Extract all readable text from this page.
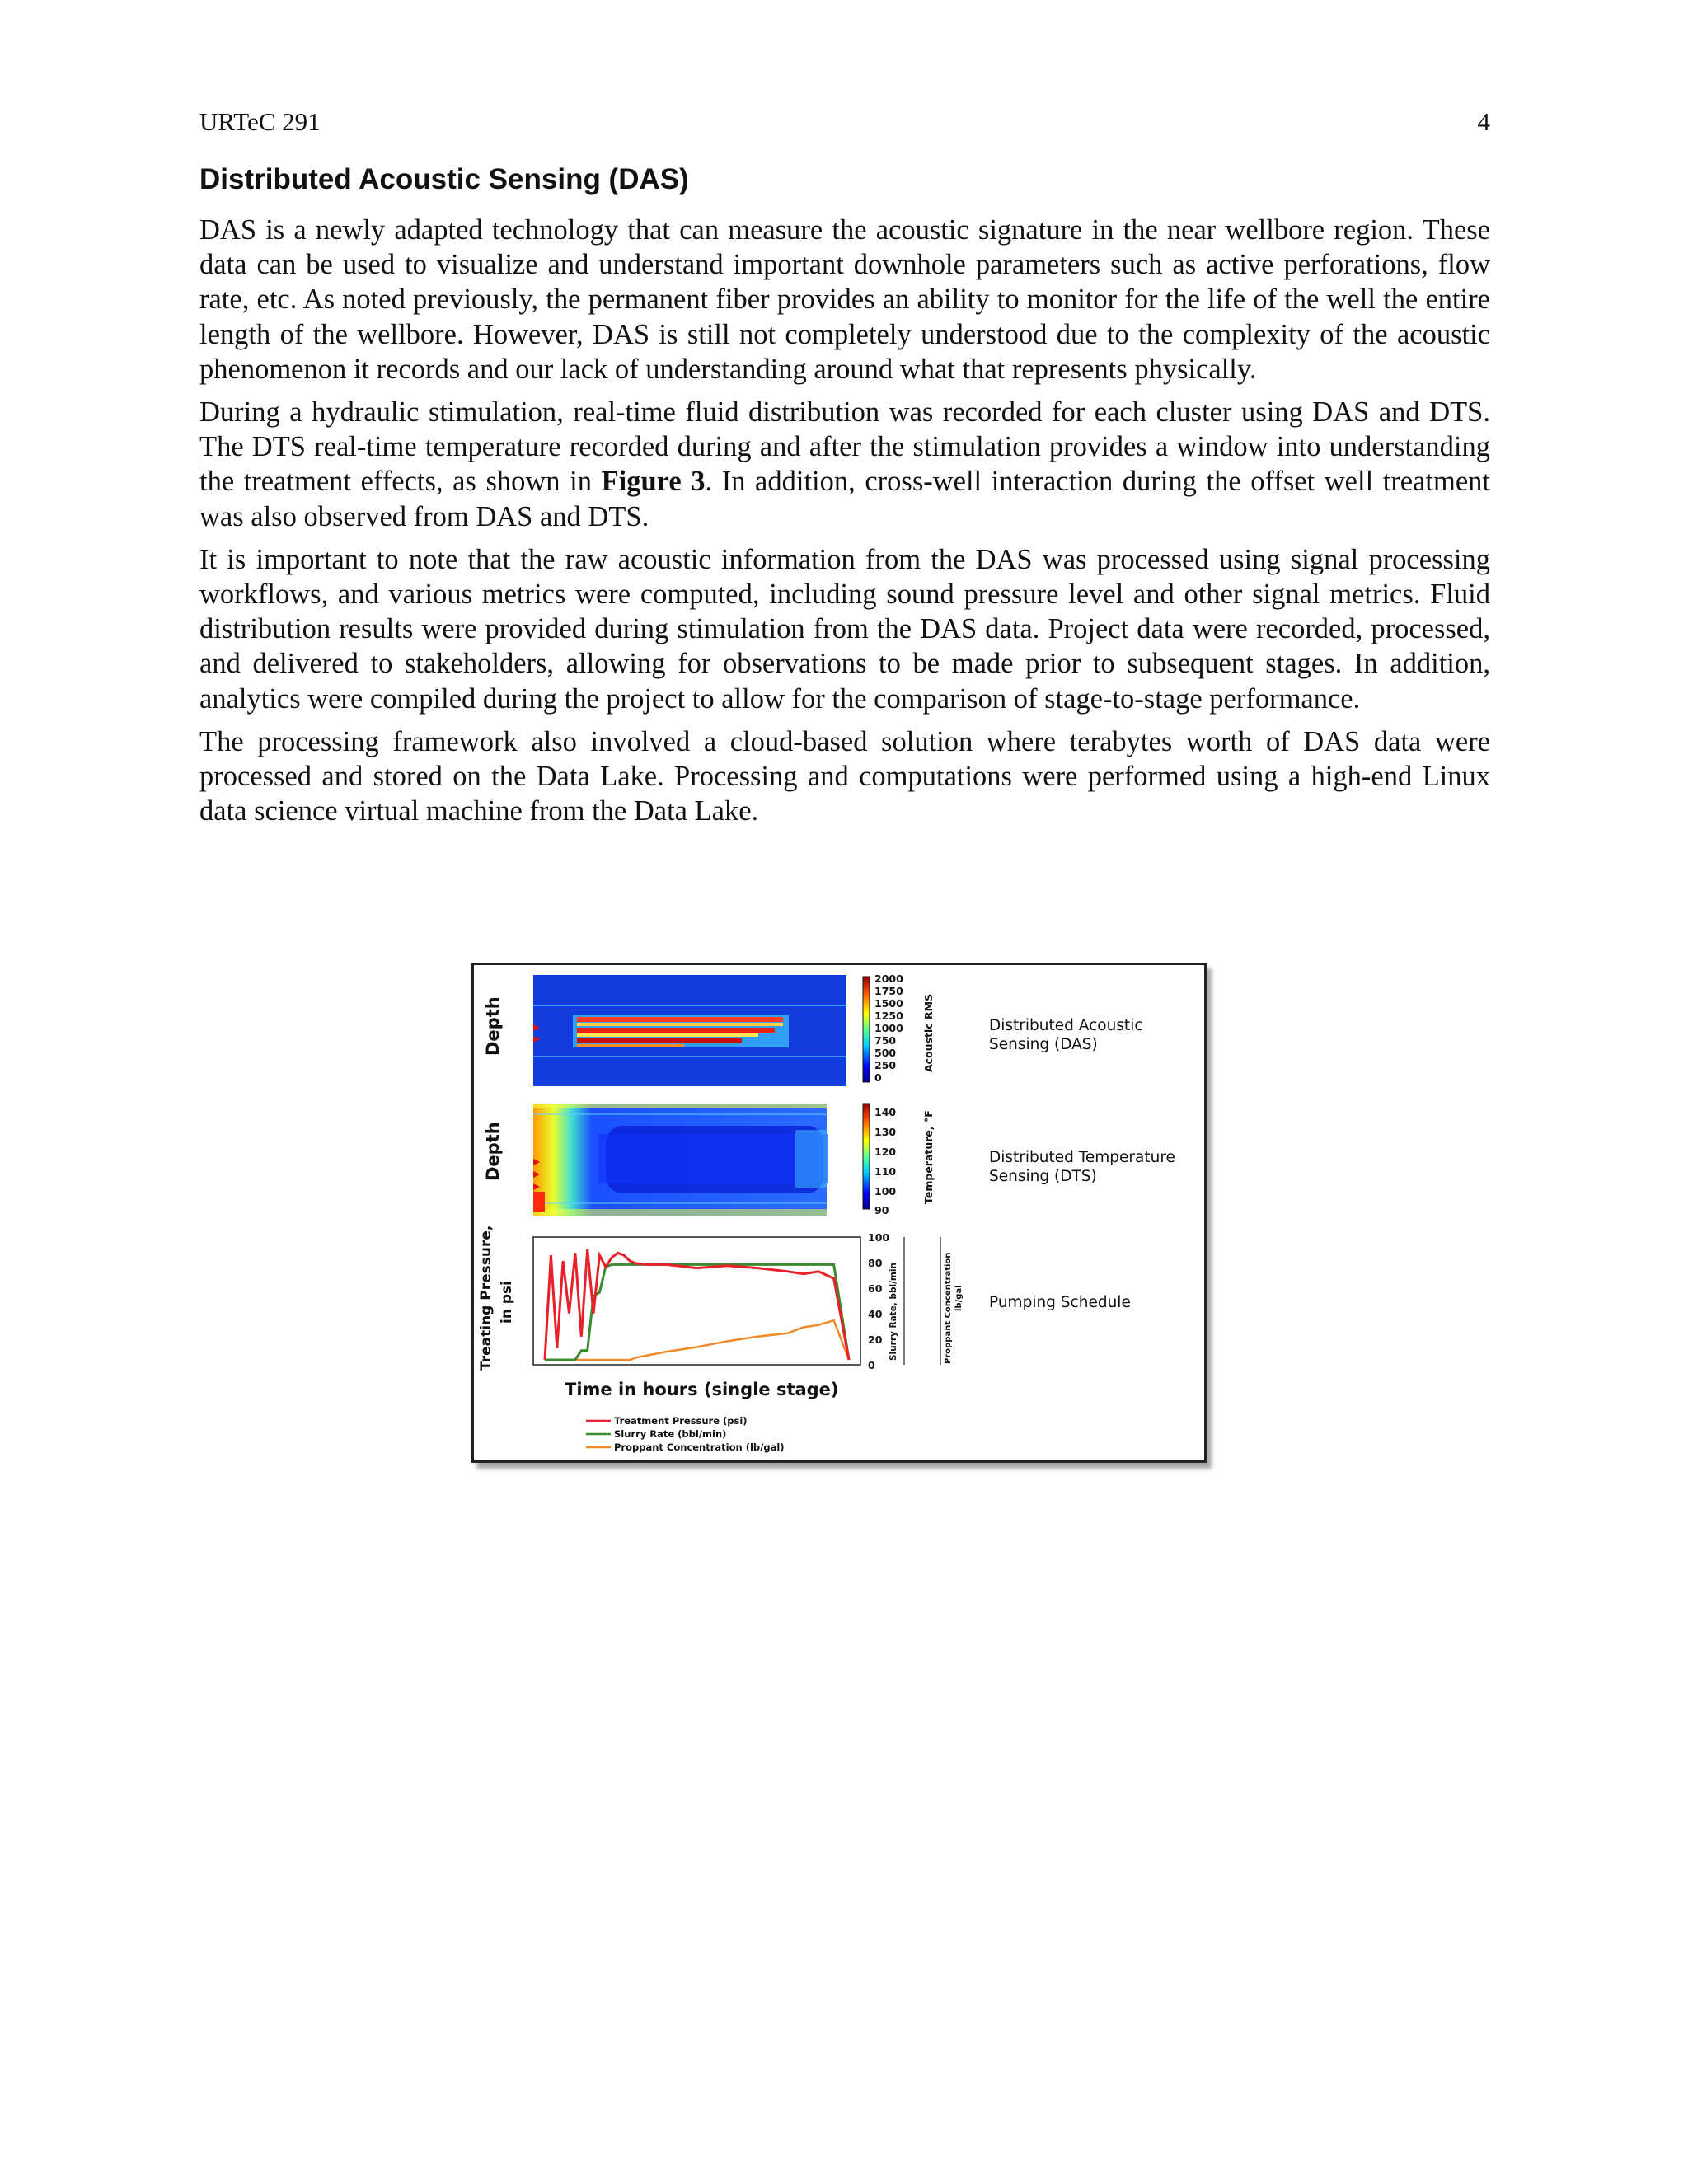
URTeC 291	4
Distributed Acoustic Sensing (DAS)

DAS is a newly adapted technology that can measure the acoustic signature in the near wellbore region. These data can be used to visualize and understand important downhole parameters such as active perforations, flow rate, etc. As noted previously, the permanent fiber provides an ability to monitor for the life of the well the entire length of the wellbore. However, DAS is still not completely understood due to the complexity of the acoustic phenomenon it records and our lack of understanding around what that represents physically.

During a hydraulic stimulation, real-time fluid distribution was recorded for each cluster using DAS and DTS. The DTS real-time temperature recorded during and after the stimulation provides a window into understanding the treatment effects, as shown in Figure 3. In addition, cross-well interaction during the offset well treatment was also observed from DAS and DTS.

It is important to note that the raw acoustic information from the DAS was processed using signal processing workflows, and various metrics were computed, including sound pressure level and other signal metrics. Fluid distribution results were provided during stimulation from the DAS data. Project data were recorded, processed, and delivered to stakeholders, allowing for observations to be made prior to subsequent stages. In addition, analytics were compiled during the project to allow for the comparison of stage-to-stage performance.

The processing framework also involved a cloud-based solution where terabytes worth of DAS data were processed and stored on the Data Lake. Processing and computations were performed using a high-end Linux data science virtual machine from the Data Lake.

Depth
2000
1750
1500
1250
1000
750
500
250
0
Acoustic RMS	Distributed Acoustic
Sensing (DAS)
Depth
140
130
120
110
100
90
Temperature, °F	Distributed Temperature
Sensing (DTS)
Treating Pressure, in psi
100
80
60
40
20
0
Slurry Rate, bbl/min	Proppant Concentration lb/gal Pumping Schedule
Time in hours (single stage)
Treatment Pressure (psi)
Slurry Rate (bbl/min)
Proppant Concentration (lb/gal)
